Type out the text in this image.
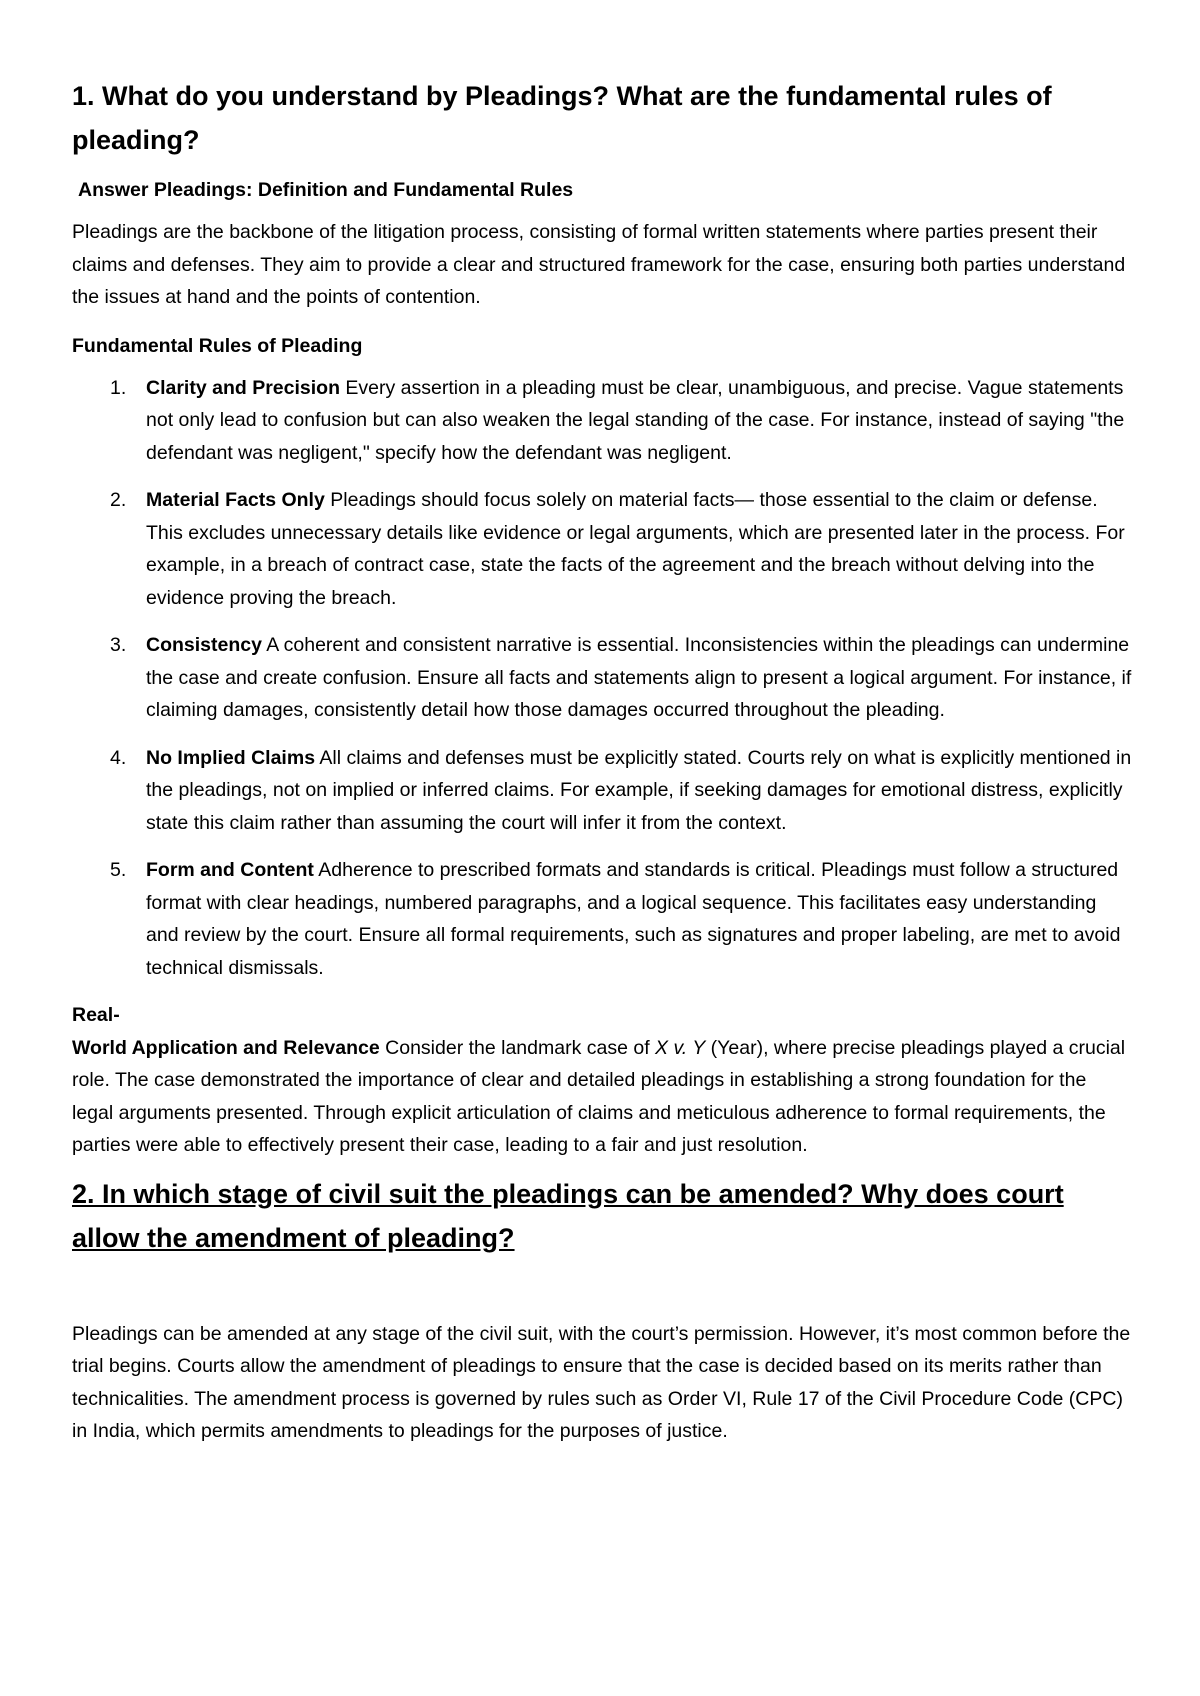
1. What do you understand by Pleadings? What are the fundamental rules of pleading?
Answer Pleadings: Definition and Fundamental Rules

Pleadings are the backbone of the litigation process, consisting of formal written statements where parties present their claims and defenses. They aim to provide a clear and structured framework for the case, ensuring both parties understand the issues at hand and the points of contention.

Fundamental Rules of Pleading
1. Clarity and Precision Every assertion in a pleading must be clear, unambiguous, and precise. Vague statements not only lead to confusion but can also weaken the legal standing of the case. For instance, instead of saying "the defendant was negligent," specify how the defendant was negligent.
2. Material Facts Only Pleadings should focus solely on material facts— those essential to the claim or defense. This excludes unnecessary details like evidence or legal arguments, which are presented later in the process. For example, in a breach of contract case, state the facts of the agreement and the breach without delving into the evidence proving the breach.
3. Consistency A coherent and consistent narrative is essential. Inconsistencies within the pleadings can undermine the case and create confusion. Ensure all facts and statements align to present a logical argument. For instance, if claiming damages, consistently detail how those damages occurred throughout the pleading.
4. No Implied Claims All claims and defenses must be explicitly stated. Courts rely on what is explicitly mentioned in the pleadings, not on implied or inferred claims. For example, if seeking damages for emotional distress, explicitly state this claim rather than assuming the court will infer it from the context.
5. Form and Content Adherence to prescribed formats and standards is critical. Pleadings must follow a structured format with clear headings, numbered paragraphs, and a logical sequence. This facilitates easy understanding and review by the court. Ensure all formal requirements, such as signatures and proper labeling, are met to avoid technical dismissals.

Real-
World Application and Relevance Consider the landmark case of X v. Y (Year), where precise pleadings played a crucial role. The case demonstrated the importance of clear and detailed pleadings in establishing a strong foundation for the legal arguments presented. Through explicit articulation of claims and meticulous adherence to formal requirements, the parties were able to effectively present their case, leading to a fair and just resolution.

2. In which stage of civil suit the pleadings can be amended? Why does court allow the amendment of pleading?

Pleadings can be amended at any stage of the civil suit, with the court’s permission. However, it’s most common before the trial begins. Courts allow the amendment of pleadings to ensure that the case is decided based on its merits rather than technicalities. The amendment process is governed by rules such as Order VI, Rule 17 of the Civil Procedure Code (CPC) in India, which permits amendments to pleadings for the purposes of justice.
